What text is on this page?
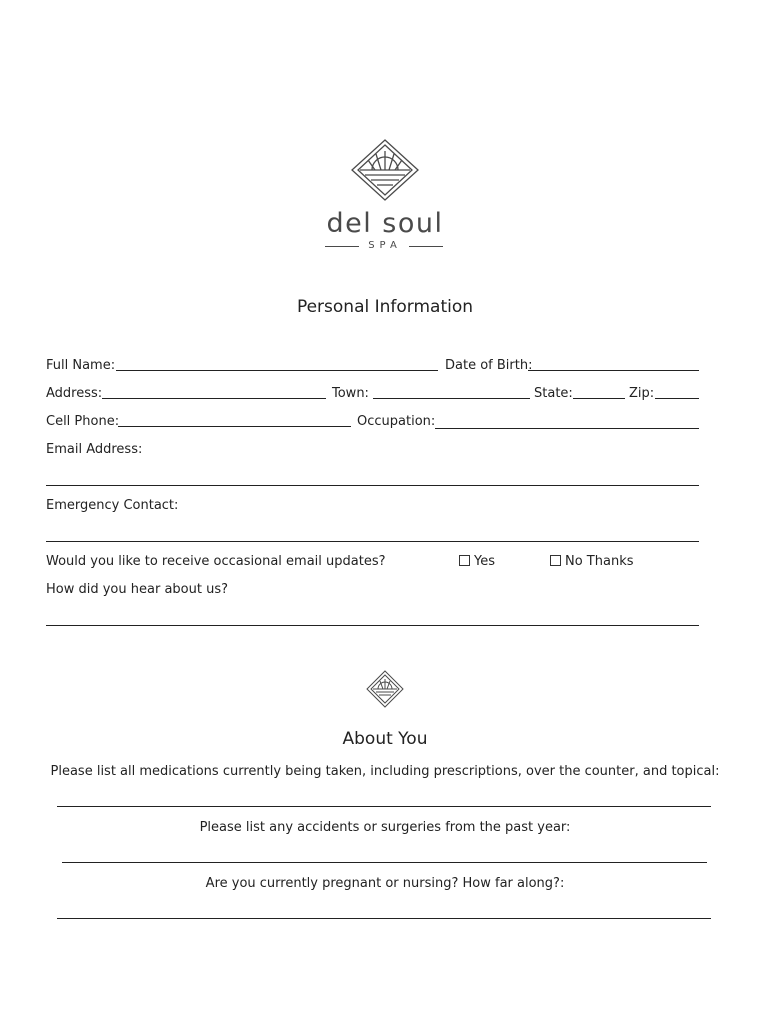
del soul
SPA
Personal Information
Full Name:	Date of Birth:
Address:	Town:	State:	Zip:
Cell Phone:	Occupation:
Email Address:
Emergency Contact:
Would you like to receive occasional email updates?	Yes	No Thanks
How did you hear about us?
About You
Please list all medications currently being taken, including prescriptions, over the counter, and topical:
Please list any accidents or surgeries from the past year:
Are you currently pregnant or nursing? How far along?:
